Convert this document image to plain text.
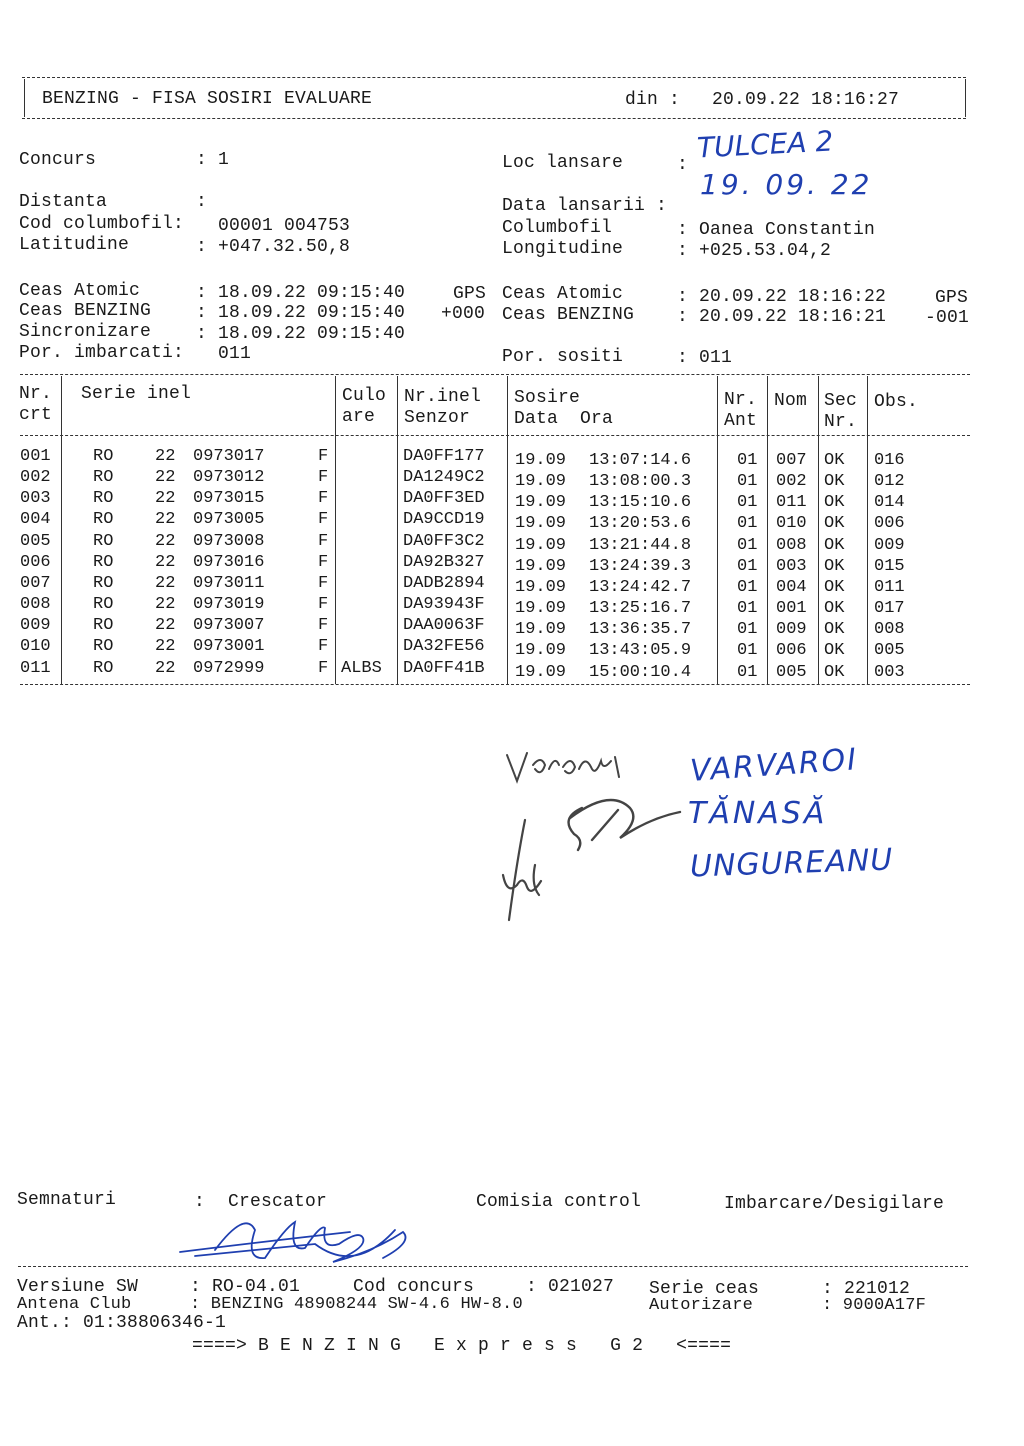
BENZING - FISA SOSIRI EVALUARE	din : 20.09.22 18:16:27
Concurs	: 1	Loc lansare	:
TULCEA 2
Distanta	:	Data lansarii :
19. 09. 22
Cod columbofil: 00001 004753	Columbofil	: Oanea Constantin
Latitudine	: +047.32.50,8	Longitudine	: +025.53.04,2
Ceas Atomic	: 18.09.22 09:15:40	GPS
Ceas BENZING : 18.09.22 09:15:40 +000
Sincronizare : 18.09.22 09:15:40
Por. imbarcati: 011
Ceas Atomic	: 20.09.22 18:16:22	GPS
Ceas BENZING : 20.09.22 18:16:21 -001
Por. sositi	: 011
Nr.
crt
Serie inel	Culo
are
Nr.inel
Senzor
Sosire
Data  Ora
Nr.
Ant
Nom Sec
Nr.
Obs.
001 RO 22 0973017	F	DA0FF177 19.09 13:07:14.6	01 007 OK 016
002 RO 22 0973012	F	DA1249C2 19.09 13:08:00.3	01 002 OK 012
003 RO 22 0973015	F	DA0FF3ED 19.09 13:15:10.6	01 011 OK 014
004 RO 22 0973005	F	DA9CCD19 19.09 13:20:53.6	01 010 OK 006
005 RO 22 0973008	F	DA0FF3C2 19.09 13:21:44.8	01 008 OK 009
006 RO 22 0973016	F	DA92B327 19.09 13:24:39.3	01 003 OK 015
007 RO 22 0973011	F	DADB2894 19.09 13:24:42.7	01 004 OK 011
008 RO 22 0973019	F	DA93943F 19.09 13:25:16.7	01 001 OK 017
009 RO 22 0973007	F	DAA0063F 19.09 13:36:35.7	01 009 OK 008
010 RO 22 0973001	F	DA32FE56 19.09 13:43:05.9	01 006 OK 005
011 RO 22 0972999	F ALBS DA0FF41B 19.09 15:00:10.4	01 005 OK 003
VARVAROI
TĂNASĂ
UNGUREANU
Semnaturi	: Crescator	Comisia control	Imbarcare/Desigilare
Versiune SW	: RO-04.01	Cod concurs	: 021027 Serie ceas	: 221012
Antena Club	: BENZING 48908244 SW-4.6 HW-8.0	Autorizare	: 9000A17F
Ant.: 01:38806346-1
====> B E N Z I N G   E x p r e s s   G 2   <====
